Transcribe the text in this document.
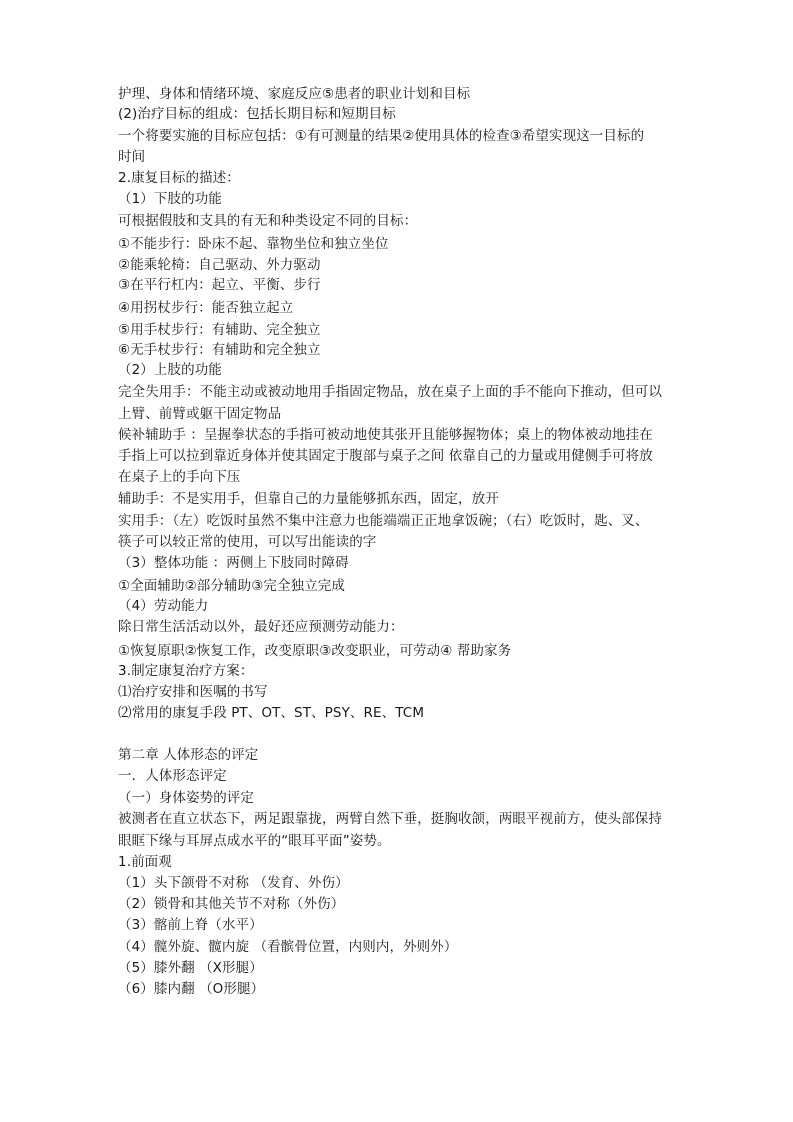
护理、身体和情绪环境、家庭反应⑤患者的职业计划和目标
(2)治疗目标的组成：包括长期目标和短期目标
一个将要实施的目标应包括：①有可测量的结果②使用具体的检查③希望实现这一目标的
时间
2.康复目标的描述：
（1）下肢的功能
可根据假肢和支具的有无和种类设定不同的目标：
①不能步行：卧床不起、靠物坐位和独立坐位
②能乘轮椅：自己驱动、外力驱动
③在平行杠内：起立、平衡、步行
④用拐杖步行：能否独立起立
⑤用手杖步行：有辅助、完全独立
⑥无手杖步行：有辅助和完全独立
（2）上肢的功能
完全失用手：不能主动或被动地用手指固定物品，放在桌子上面的手不能向下推动，但可以
上臂、前臂或躯干固定物品
候补辅助手 ：呈握拳状态的手指可被动地使其张开且能够握物体；桌上的物体被动地挂在
手指上可以拉到靠近身体并使其固定于腹部与桌子之间 依靠自己的力量或用健侧手可将放
在桌子上的手向下压
辅助手：不是实用手，但靠自己的力量能够抓东西，固定，放开
实用手：（左）吃饭时虽然不集中注意力也能端端正正地拿饭碗；（右）吃饭时，匙、叉、
筷子可以较正常的使用，可以写出能读的字
（3）整体功能 ：两侧上下肢同时障碍
①全面辅助②部分辅助③完全独立完成
（4）劳动能力
除日常生活活动以外，最好还应预测劳动能力：
①恢复原职②恢复工作，改变原职③改变职业，可劳动④ 帮助家务
3.制定康复治疗方案：
⑴治疗安排和医嘱的书写
⑵常用的康复手段 PT、OT、ST、PSY、RE、TCM
第二章 人体形态的评定
一．人体形态评定
（一）身体姿势的评定
被测者在直立状态下，两足跟靠拢，两臂自然下垂，挺胸收颌，两眼平视前方，使头部保持
眼眶下缘与耳屏点成水平的“眼耳平面”姿势。
1.前面观
（1）头下颌骨不对称 （发育、外伤）
（2）锁骨和其他关节不对称（外伤）
（3）髂前上脊（水平）
（4）髋外旋、髋内旋 （看髌骨位置，内则内，外则外）
（5）膝外翻 （X形腿）
（6）膝内翻 （O形腿）
